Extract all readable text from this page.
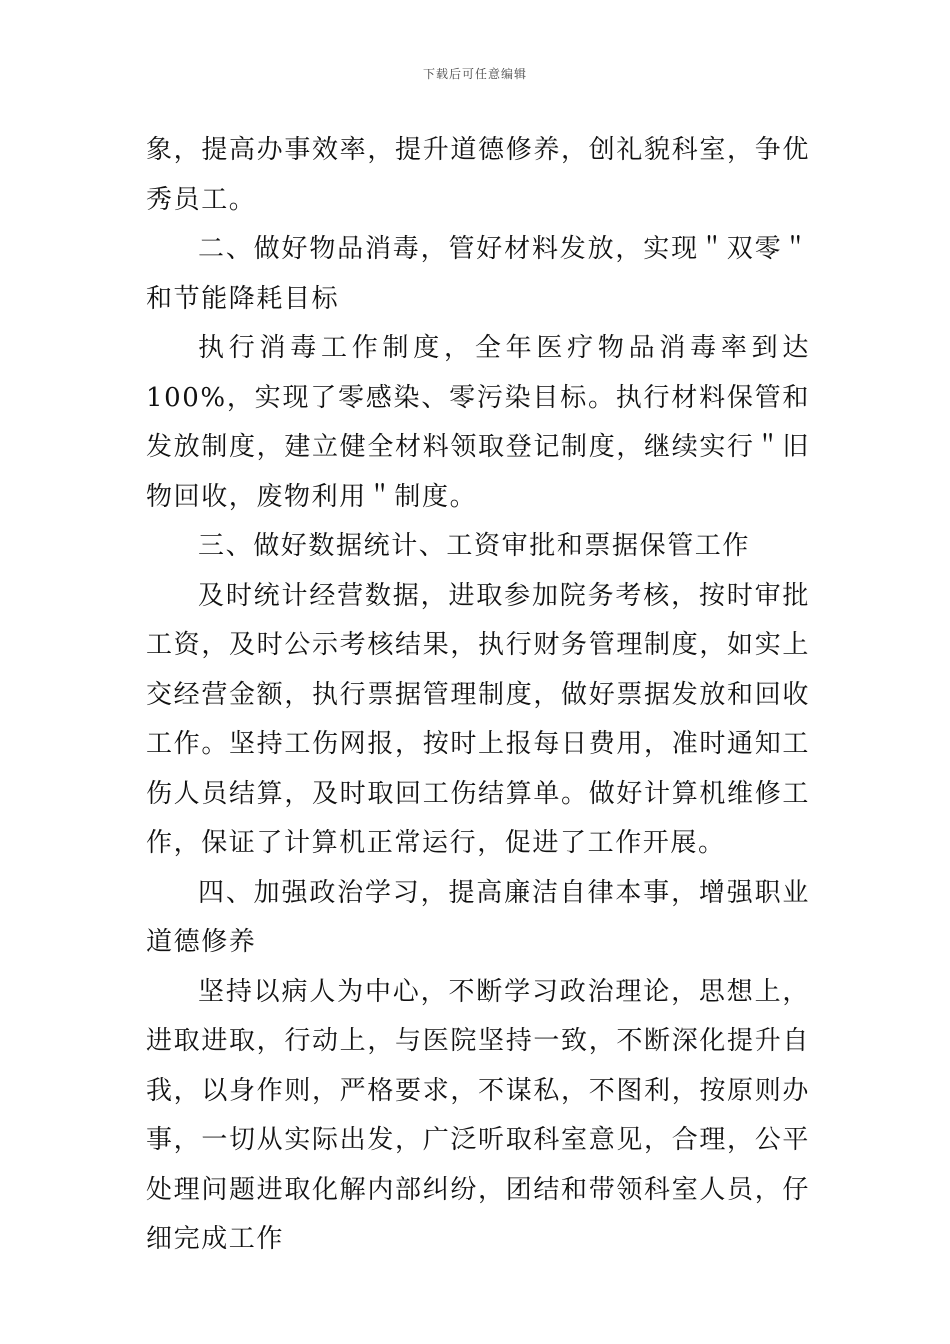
下载后可任意编辑

象，提高办事效率，提升道德修养，创礼貌科室，争优秀员工。

二、做好物品消毒，管好材料发放，实现＂双零＂和节能降耗目标

执行消毒工作制度，全年医疗物品消毒率到达 100%，实现了零感染、零污染目标。执行材料保管和发放制度，建立健全材料领取登记制度，继续实行＂旧物回收，废物利用＂制度。

三、做好数据统计、工资审批和票据保管工作

及时统计经营数据，进取参加院务考核，按时审批工资，及时公示考核结果，执行财务管理制度，如实上交经营金额，执行票据管理制度，做好票据发放和回收工作。坚持工伤网报，按时上报每日费用，准时通知工伤人员结算，及时取回工伤结算单。做好计算机维修工作，保证了计算机正常运行，促进了工作开展。

四、加强政治学习，提高廉洁自律本事，增强职业道德修养

坚持以病人为中心，不断学习政治理论，思想上，进取进取，行动上，与医院坚持一致，不断深化提升自我，以身作则，严格要求，不谋私，不图利，按原则办事，一切从实际出发，广泛听取科室意见，合理，公平处理问题进取化解内部纠纷，团结和带领科室人员，仔细完成工作
